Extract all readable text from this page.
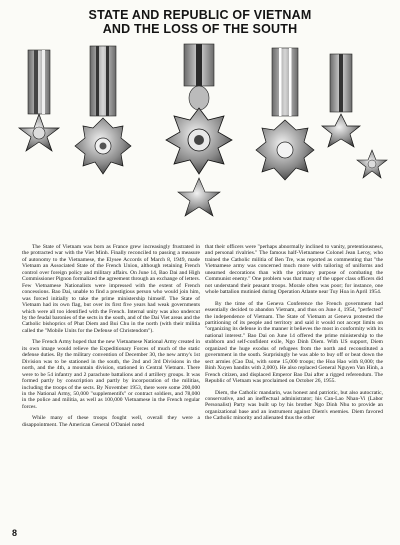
STATE AND REPUBLIC OF VIETNAM
AND THE LOSS OF THE SOUTH

The State of Vietnam was born as France grew increasingly frustrated in the protracted war with the Viet Minh. Finally reconciled to passing a measure of autonomy to the Vietnamese, the Elysee Accords of March 8, 1949, made Vietnam an Associated State of the French Union, although retaining French control over foreign policy and military affairs. On June 14, Bao Dai and High Commissioner Pignon formalized the agreement through an exchange of letters. Few Vietnamese Nationalists were impressed with the extent of French concessions. Bao Dai, unable to find a prestigious person who would join him, was forced initially to take the prime ministership himself. The State of Vietnam had its own flag, but over its first five years had weak governments which were all too identified with the French. Internal unity was also undercut by the feudal baronies of the sects in the south, and of the Dai Viet areas and the Catholic bishoprics of Phat Diem and Bui Chu in the north (with their militia called the "Mobile Units for the Defense of Christendom").

The French Army hoped that the new Vietnamese National Army created in its own image would relieve the Expeditionary Forces of much of the static defense duties. By the military convention of December 30, the new army's 1st Division was to be stationed in the south, the 2nd and 3rd Divisions in the north, and the 4th, a mountain division, stationed in Central Vietnam. There were to be 54 infantry and 2 parachute battalions and 4 artillery groups. It was formed partly by conscription and partly by incorporation of the militias, including the troops of the sects. By November 1953, there were some 200,000 in the National Army, 50,000 "supplementifs" or contract soldiers, and 78,000 in the police and militia, as well as 100,000 Vietnamese in the French regular forces.

While many of these troops fought well, overall they were a disappointment. The American General O'Daniel noted

that their officers were "perhaps abnormally inclined to vanity, pretentiousness, and personal rivalries." The famous half-Vietnamese Colonel Jean Leroy, who trained the Catholic militia of Ben Tre, was reported as commenting that "the Vietnamese army was concerned much more with tailoring of uniforms and unearned decorations than with the primary purpose of combating the Communist enemy." One problem was that many of the upper class officers did not understand their peasant troops. Morale often was poor; for instance, one whole battalion mutinied during Operation Atlante near Tuy Hoa in April 1954.

By the time of the Geneva Conference the French government had essentially decided to abandon Vietnam, and thus on June 4, 1954, "perfected" the independence of Vietnam. The State of Vietnam at Geneva protested the partitioning of its people and territory and said it would not accept limits on "organizing its defense in the manner it believes the most in conformity with its national interest." Bao Dai on June 14 offered the prime ministership to the stubborn and self-confident exile, Ngo Dinh Diem. With US support, Diem organized the huge exodus of refugees from the north and reconstituted a government in the south. Surprisingly he was able to buy off or beat down the sect armies (Cao Dai, with some 15,000 troops; the Hoa Hao with 8,000; the Binh Xuyen bandits with 2,000). He also replaced General Nguyen Van Hinh, a French citizen, and displaced Emperor Bao Dai after a rigged referendum. The Republic of Vietnam was proclaimed on October 26, 1955.

Diem, the Catholic mandarin, was honest and patriotic, but also autocratic, conservative, and an ineffectual administrator; his Can-Lao Nhan-Vi (Labor Personalist) Party was built up by his brother Ngo Dinh Nhu to provide an organizational base and an instrument against Diem's enemies. Diem favored the Catholic minority and alienated thus the other

8
